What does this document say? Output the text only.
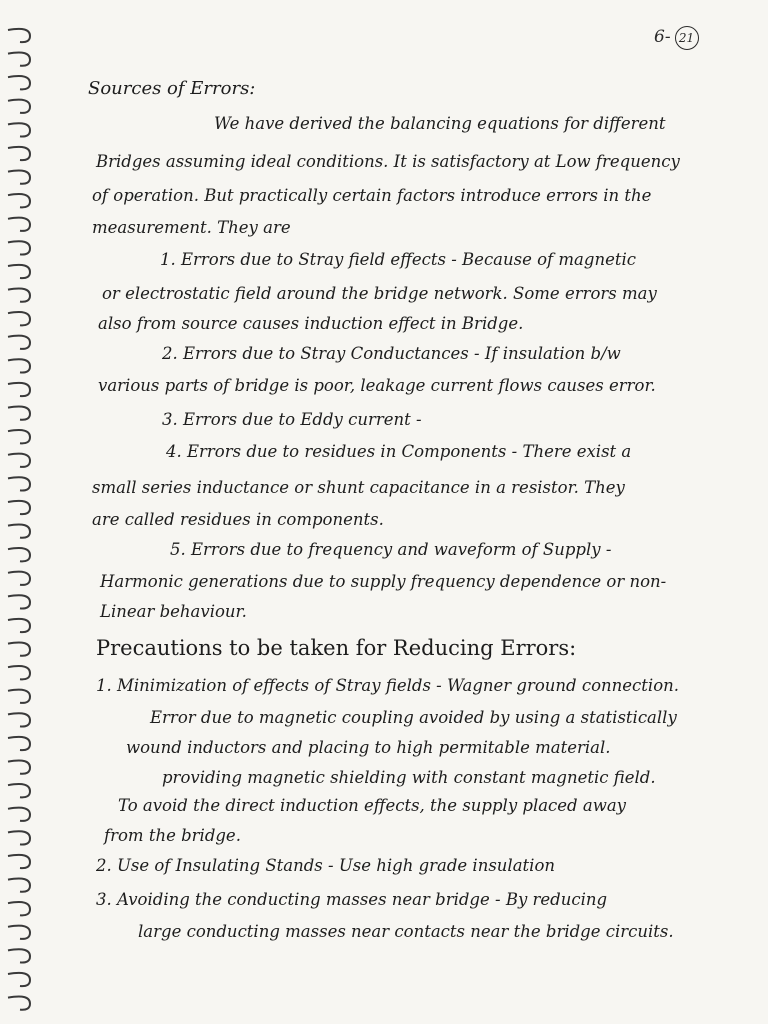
6- 21
Sources of Errors:
We have derived the balancing equations for different
Bridges assuming ideal conditions. It is satisfactory at Low frequency
of operation. But practically certain factors introduce errors in the
measurement. They are
1. Errors due to Stray field effects - Because of magnetic
or electrostatic field around the bridge network. Some errors may
also from source causes induction effect in Bridge.
2. Errors due to Stray Conductances - If insulation b/w
various parts of bridge is poor, leakage current flows causes error.
3. Errors due to Eddy current -
4. Errors due to residues in Components - There exist a
small series inductance or shunt capacitance in a resistor. They
are called residues in components.
5. Errors due to frequency and waveform of Supply -
Harmonic generations due to supply frequency dependence or non-
Linear behaviour.
Precautions to be taken for Reducing Errors:
1. Minimization of effects of Stray fields - Wagner ground connection.
Error due to magnetic coupling avoided by using a statistically
wound inductors and placing to high permitable material.
providing magnetic shielding with constant magnetic field.
To avoid the direct induction effects, the supply placed away
from the bridge.
2. Use of Insulating Stands - Use high grade insulation
3. Avoiding the conducting masses near bridge - By reducing
large conducting masses near contacts near the bridge circuits.
